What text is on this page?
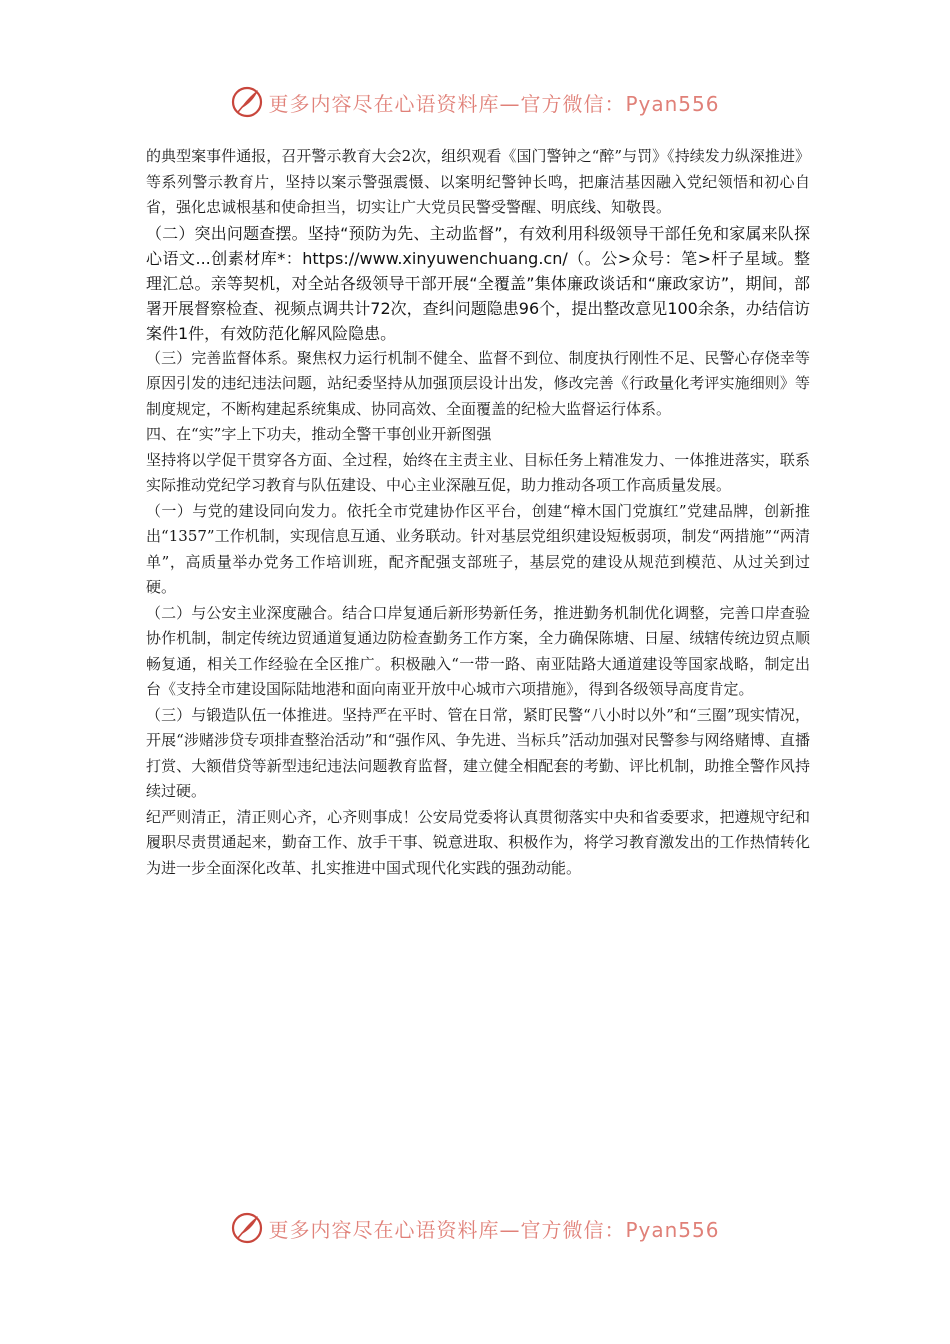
更多内容尽在心语资料库—官方微信：Pyan556

的典型案事件通报，召开警示教育大会2次，组织观看《国门警钟之“醉”与罚》《持续发力纵深推进》等系列警示教育片，坚持以案示警强震慑、以案明纪警钟长鸣，把廉洁基因融入党纪领悟和初心自省，强化忠诚根基和使命担当，切实让广大党员民警受警醒、明底线、知敬畏。

（二）突出问题查摆。坚持“预防为先、主动监督”，有效利用科级领导干部任免和家属来队探心语文...创素材库*：https://www.xinyuwenchuang.cn/（。公>众号：笔>杆子星域。整理汇总。亲等契机，对全站各级领导干部开展“全覆盖”集体廉政谈话和“廉政家访”，期间，部署开展督察检查、视频点调共计72次，查纠问题隐患96个，提出整改意见100余条，办结信访案件1件，有效防范化解风险隐患。

（三）完善监督体系。聚焦权力运行机制不健全、监督不到位、制度执行刚性不足、民警心存侥幸等原因引发的违纪违法问题，站纪委坚持从加强顶层设计出发，修改完善《行政量化考评实施细则》等制度规定，不断构建起系统集成、协同高效、全面覆盖的纪检大监督运行体系。

四、在“实”字上下功夫，推动全警干事创业开新图强

坚持将以学促干贯穿各方面、全过程，始终在主责主业、目标任务上精准发力、一体推进落实，联系实际推动党纪学习教育与队伍建设、中心主业深融互促，助力推动各项工作高质量发展。

（一）与党的建设同向发力。依托全市党建协作区平台，创建“樟木国门党旗红”党建品牌，创新推出“1357”工作机制，实现信息互通、业务联动。针对基层党组织建设短板弱项，制发“两措施”“两清单”，高质量举办党务工作培训班，配齐配强支部班子，基层党的建设从规范到模范、从过关到过硬。

（二）与公安主业深度融合。结合口岸复通后新形势新任务，推进勤务机制优化调整，完善口岸查验协作机制，制定传统边贸通道复通边防检查勤务工作方案，全力确保陈塘、日屋、绒辖传统边贸点顺畅复通，相关工作经验在全区推广。积极融入“一带一路、南亚陆路大通道建设等国家战略，制定出台《支持全市建设国际陆地港和面向南亚开放中心城市六项措施》，得到各级领导高度肯定。

（三）与锻造队伍一体推进。坚持严在平时、管在日常，紧盯民警“八小时以外”和“三圈”现实情况，开展“涉赌涉贷专项排查整治活动”和“强作风、争先进、当标兵”活动加强对民警参与网络赌博、直播打赏、大额借贷等新型违纪违法问题教育监督，建立健全相配套的考勤、评比机制，助推全警作风持续过硬。

纪严则清正，清正则心齐，心齐则事成！公安局党委将认真贯彻落实中央和省委要求，把遵规守纪和履职尽责贯通起来，勤奋工作、放手干事、锐意进取、积极作为，将学习教育激发出的工作热情转化为进一步全面深化改革、扎实推进中国式现代化实践的强劲动能。

更多内容尽在心语资料库—官方微信：Pyan556
